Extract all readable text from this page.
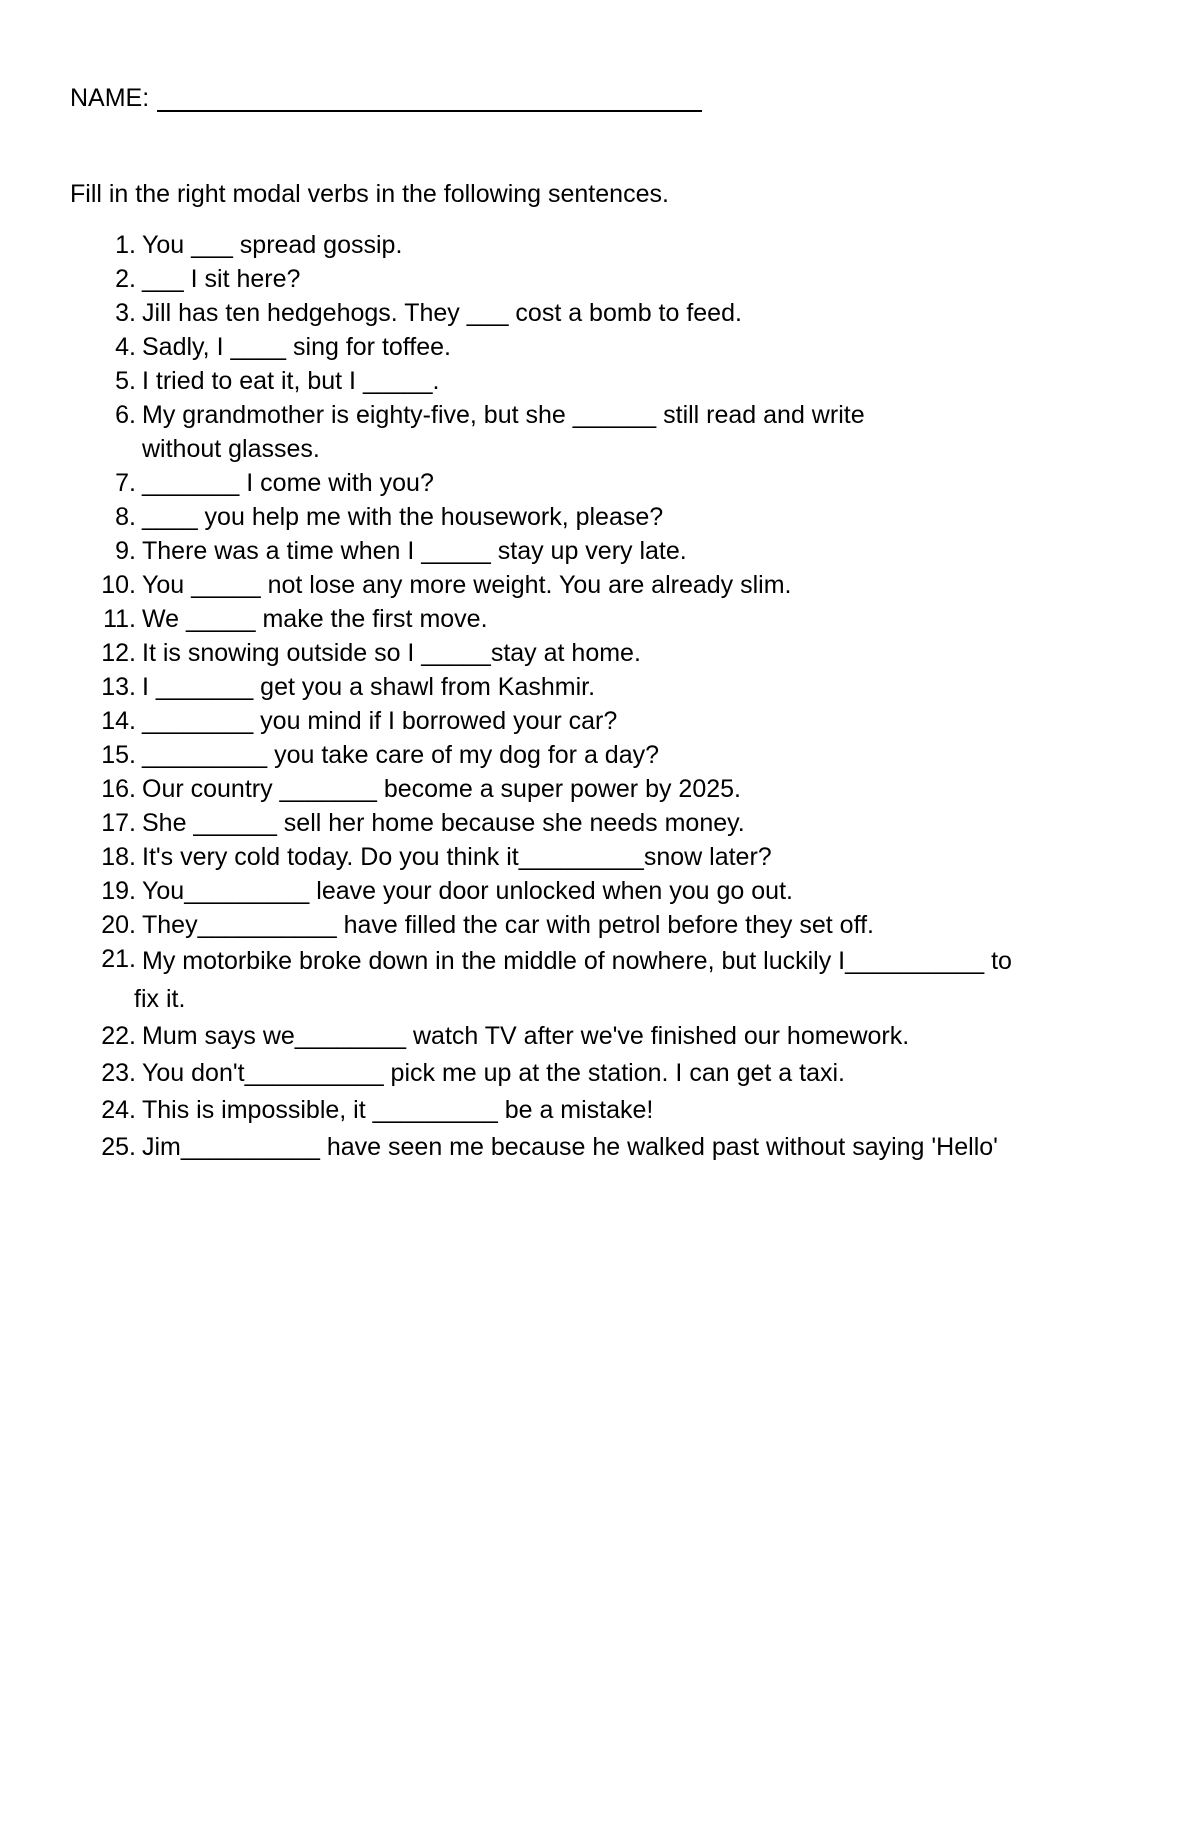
NAME:
Fill in the right modal verbs in the following sentences.
1. You ___ spread gossip.
2. ___ I sit here?
3. Jill has ten hedgehogs. They ___ cost a bomb to feed.
4. Sadly, I ____ sing for toffee.
5. I tried to eat it, but I _____.
6. My grandmother is eighty-five, but she ______ still read and write without glasses.
7. _______ I come with you?
8. ____ you help me with the housework, please?
9. There was a time when I _____ stay up very late.
10. You _____ not lose any more weight. You are already slim.
11. We _____ make the first move.
12. It is snowing outside so I _____stay at home.
13. I _______ get you a shawl from Kashmir.
14. ________ you mind if I borrowed your car?
15. _________ you take care of my dog for a day?
16. Our country _______ become a super power by 2025.
17. She ______ sell her home because she needs money.
18. It's very cold today. Do you think it_________snow later?
19. You_________ leave your door unlocked when you go out.
20. They__________ have filled the car with petrol before they set off.
21. My motorbike broke down in the middle of nowhere, but luckily I__________ to
fix it.
22. Mum says we________ watch TV after we've finished our homework.
23. You don't__________ pick me up at the station. I can get a taxi.
24. This is impossible, it _________ be a mistake!
25. Jim__________ have seen me because he walked past without saying 'Hello'
